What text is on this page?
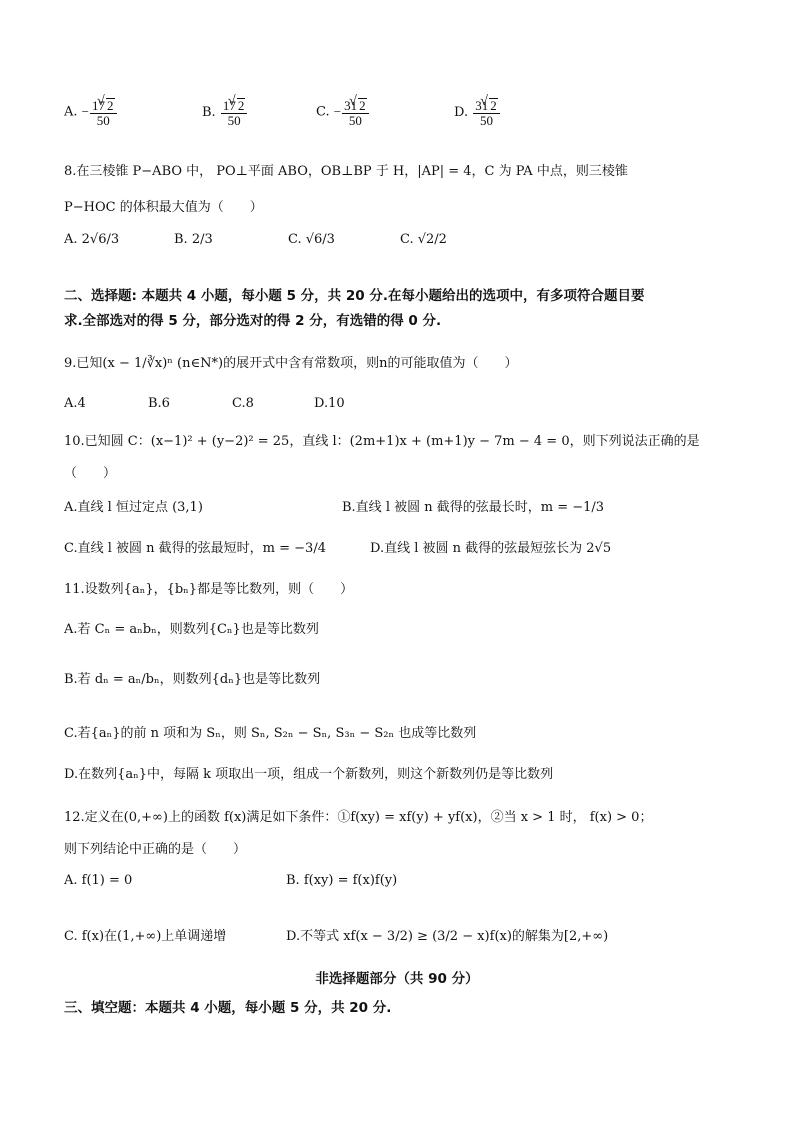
A. − $\frac{17 √ 2}{50}$	B. $\frac{17 √ 2}{50}$	C. − $\frac{31 √ 2}{50}$	D. $\frac{31 √ 2}{50}$
8.在三棱锥 P−ABO 中， PO⊥平面 ABO，OB⊥BP 于 H，|AP| = 4，C 为 PA 中点，则三棱锥
P−HOC 的体积最大值为（　　）
A. 2√6/3	B. 2/3	C. √6/3	C. √2/2
二、选择题: 本题共 4 小题，每小题 5 分，共 20 分.在每小题给出的选项中，有多项符合题目要
求.全部选对的得 5 分，部分选对的得 2 分，有选错的得 0 分.
9.已知(x − 1/∛x)ⁿ (n∈N*)的展开式中含有常数项，则n的可能取值为（　　）
A.4	B.6	C.8	D.10
10.已知圆 C：(x−1)² + (y−2)² = 25，直线 l：(2m+1)x + (m+1)y − 7m − 4 = 0，则下列说法正确的是
（　　）
A.直线 l 恒过定点 (3,1)	B.直线 l 被圆 n 截得的弦最长时，m = −1/3
C.直线 l 被圆 n 截得的弦最短时，m = −3/4	D.直线 l 被圆 n 截得的弦最短弦长为 2√5
11.设数列{aₙ}，{bₙ}都是等比数列，则（　　）
A.若 Cₙ = aₙbₙ，则数列{Cₙ}也是等比数列
B.若 dₙ = aₙ/bₙ，则数列{dₙ}也是等比数列
C.若{aₙ}的前 n 项和为 Sₙ，则 Sₙ, S₂ₙ − Sₙ, S₃ₙ − S₂ₙ 也成等比数列
D.在数列{aₙ}中，每隔 k 项取出一项，组成一个新数列，则这个新数列仍是等比数列
12.定义在(0,+∞)上的函数 f(x)满足如下条件：①f(xy) = xf(y) + yf(x)，②当 x > 1 时， f(x) > 0；
则下列结论中正确的是（　　）
A. f(1) = 0	B. f(xy) = f(x)f(y)
C. f(x)在(1,+∞)上单调递增	D.不等式 xf(x − 3/2) ≥ (3/2 − x)f(x)的解集为[2,+∞)
非选择题部分（共 90 分）
三、填空题：本题共 4 小题，每小题 5 分，共 20 分.
